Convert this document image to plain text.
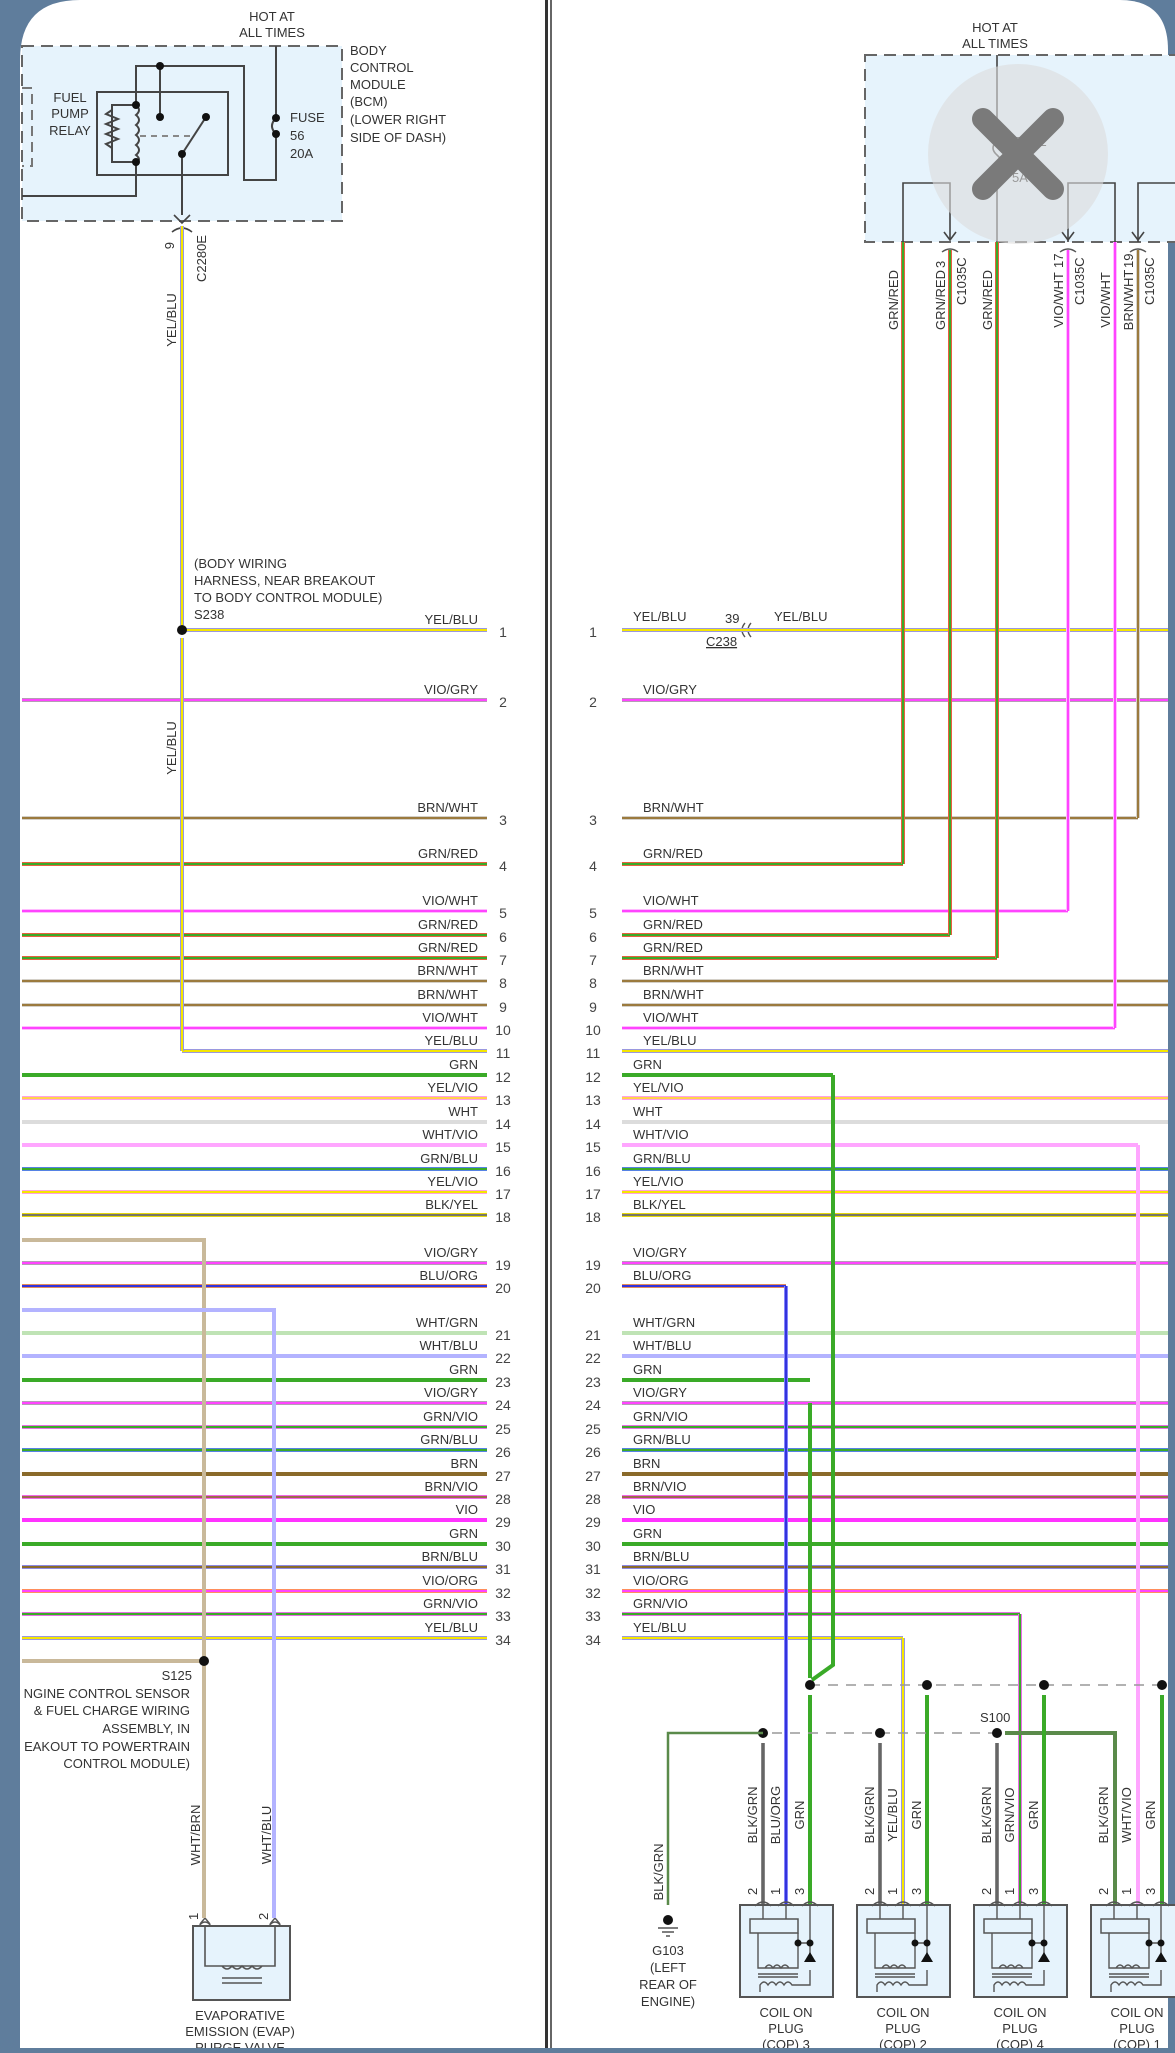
HOT AT
ALL TIMES
BODY
CONTROL
MODULE
(BCM)
(LOWER RIGHT
SIDE OF DASH)
FUEL
PUMP
RELAY
FUSE
56
20A
9 C2280E
YEL/BLU
(BODY WIRING
HARNESS, NEAR BREAKOUT
TO BODY CONTROL MODULE)
S238
YEL/BLU
S125
NGINE CONTROL SENSOR
& FUEL CHARGE WIRING
ASSEMBLY, IN
EAKOUT TO POWERTRAIN
CONTROL MODULE)
1	2
WHT/BRN	WHT/BLU
EVAPORATIVE
EMISSION (EVAP)
PURGE VALVE
HOT AT
ALL TIMES
GRN/RED GRN/RED
3 C1035C GRN/RED	VIO/WHT
17 C1035C VIO/WHT BRN/WHT
19 C1035C
39
C238
YEL/BLU	YEL/BLU
YEL/BLU
1	1
VIO/GRY
2
VIO/GRY
2
BRN/WHT
3
BRN/WHT
3
GRN/RED
4
GRN/RED
4
VIO/WHT
5
VIO/WHT
5
GRN/RED
6
GRN/RED
6
GRN/RED
7
GRN/RED
7
BRN/WHT
8
BRN/WHT
8
BRN/WHT
9
BRN/WHT
9
VIO/WHT
10
VIO/WHT
10
YEL/BLU
11
YEL/BLU
11
GRN
12
GRN
12
YEL/VIO
13
YEL/VIO
13
WHT
14
WHT
14
WHT/VIO
15
WHT/VIO
15
GRN/BLU
16
GRN/BLU
16
YEL/VIO
17
YEL/VIO
17
BLK/YEL
18
BLK/YEL
18
VIO/GRY
19
VIO/GRY
19
BLU/ORG
20
BLU/ORG
20
WHT/GRN
21
WHT/GRN
21
WHT/BLU
22
WHT/BLU
22
GRN
23
GRN
23
VIO/GRY
24
VIO/GRY
24
GRN/VIO
25
GRN/VIO
25
GRN/BLU
26
GRN/BLU
26
BRN
27
BRN
27
BRN/VIO
28
BRN/VIO
28
VIO
29
VIO
29
GRN
30
GRN
30
BRN/BLU
31
BRN/BLU
31
VIO/ORG
32
VIO/ORG
32
GRN/VIO
33
GRN/VIO
33
YEL/BLU
34
YEL/BLU
34
S100
BLK/GRN
G103
(LEFT
REAR OF
ENGINE)
2 1 3
BLK/GRN BLU/ORG GRN
COIL ON
PLUG
(COP) 3
2 1 3
BLK/GRN YEL/BLU GRN
COIL ON
PLUG
(COP) 2
2 1 3
BLK/GRN GRN/VIO GRN
COIL ON
PLUG
(COP) 4
2 1 3
BLK/GRN WHT/VIO GRN
COIL ON
PLUG
(COP) 1
